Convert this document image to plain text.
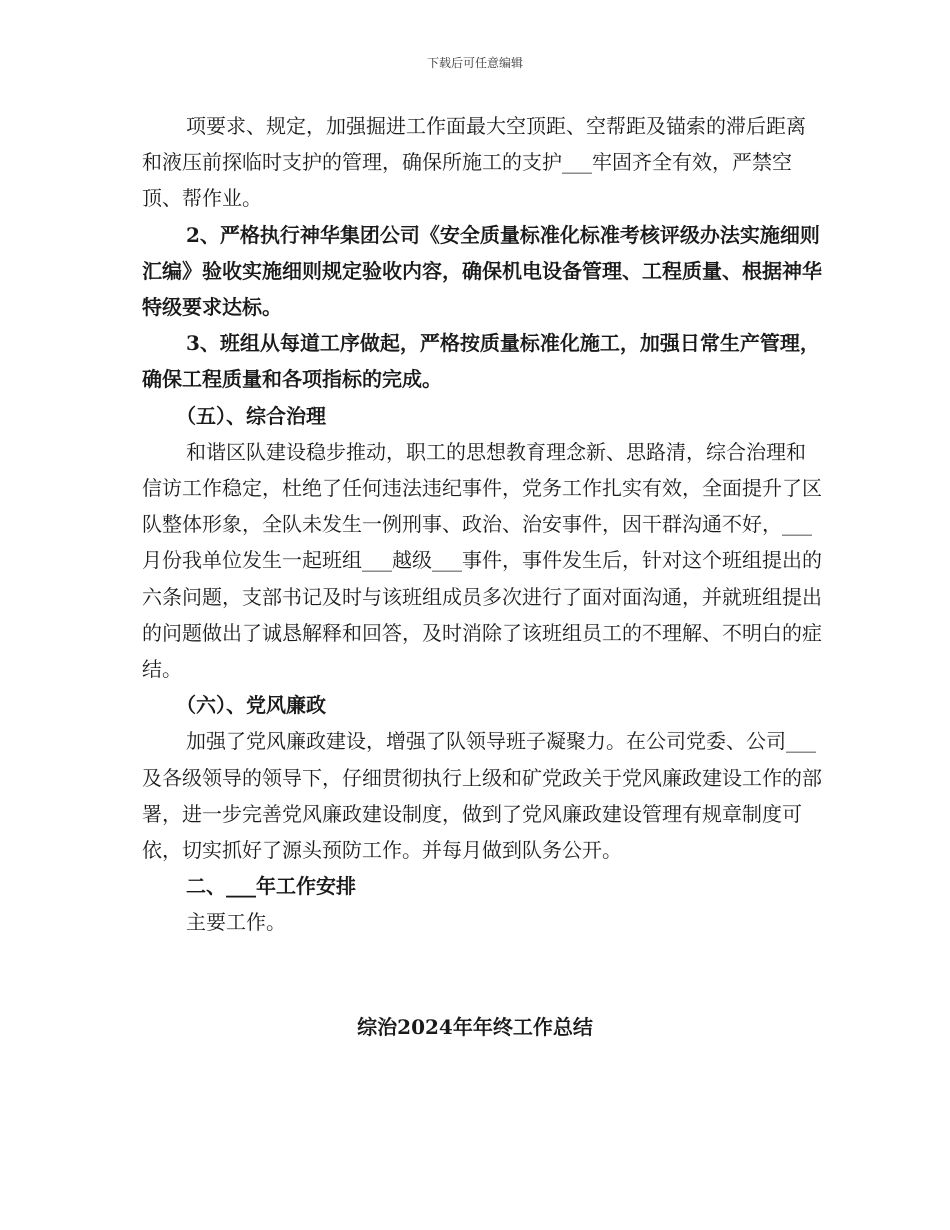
下载后可任意编辑

项要求、规定，加强掘进工作面最大空顶距、空帮距及锚索的滞后距离和液压前探临时支护的管理，确保所施工的支护___牢固齐全有效，严禁空顶、帮作业。

2、严格执行神华集团公司《安全质量标准化标准考核评级办法实施细则汇编》验收实施细则规定验收内容，确保机电设备管理、工程质量、根据神华特级要求达标。

3、班组从每道工序做起，严格按质量标准化施工，加强日常生产管理，确保工程质量和各项指标的完成。

（五）、综合治理

和谐区队建设稳步推动，职工的思想教育理念新、思路清，综合治理和信访工作稳定，杜绝了任何违法违纪事件，党务工作扎实有效，全面提升了区队整体形象，全队未发生一例刑事、政治、治安事件，因干群沟通不好，___月份我单位发生一起班组___越级___事件，事件发生后，针对这个班组提出的六条问题，支部书记及时与该班组成员多次进行了面对面沟通，并就班组提出的问题做出了诚恳解释和回答，及时消除了该班组员工的不理解、不明白的症结。

（六）、党风廉政

加强了党风廉政建设，增强了队领导班子凝聚力。在公司党委、公司___及各级领导的领导下，仔细贯彻执行上级和矿党政关于党风廉政建设工作的部署，进一步完善党风廉政建设制度，做到了党风廉政建设管理有规章制度可依，切实抓好了源头预防工作。并每月做到队务公开。

二、___年工作安排

主要工作。

综治2024年年终工作总结
